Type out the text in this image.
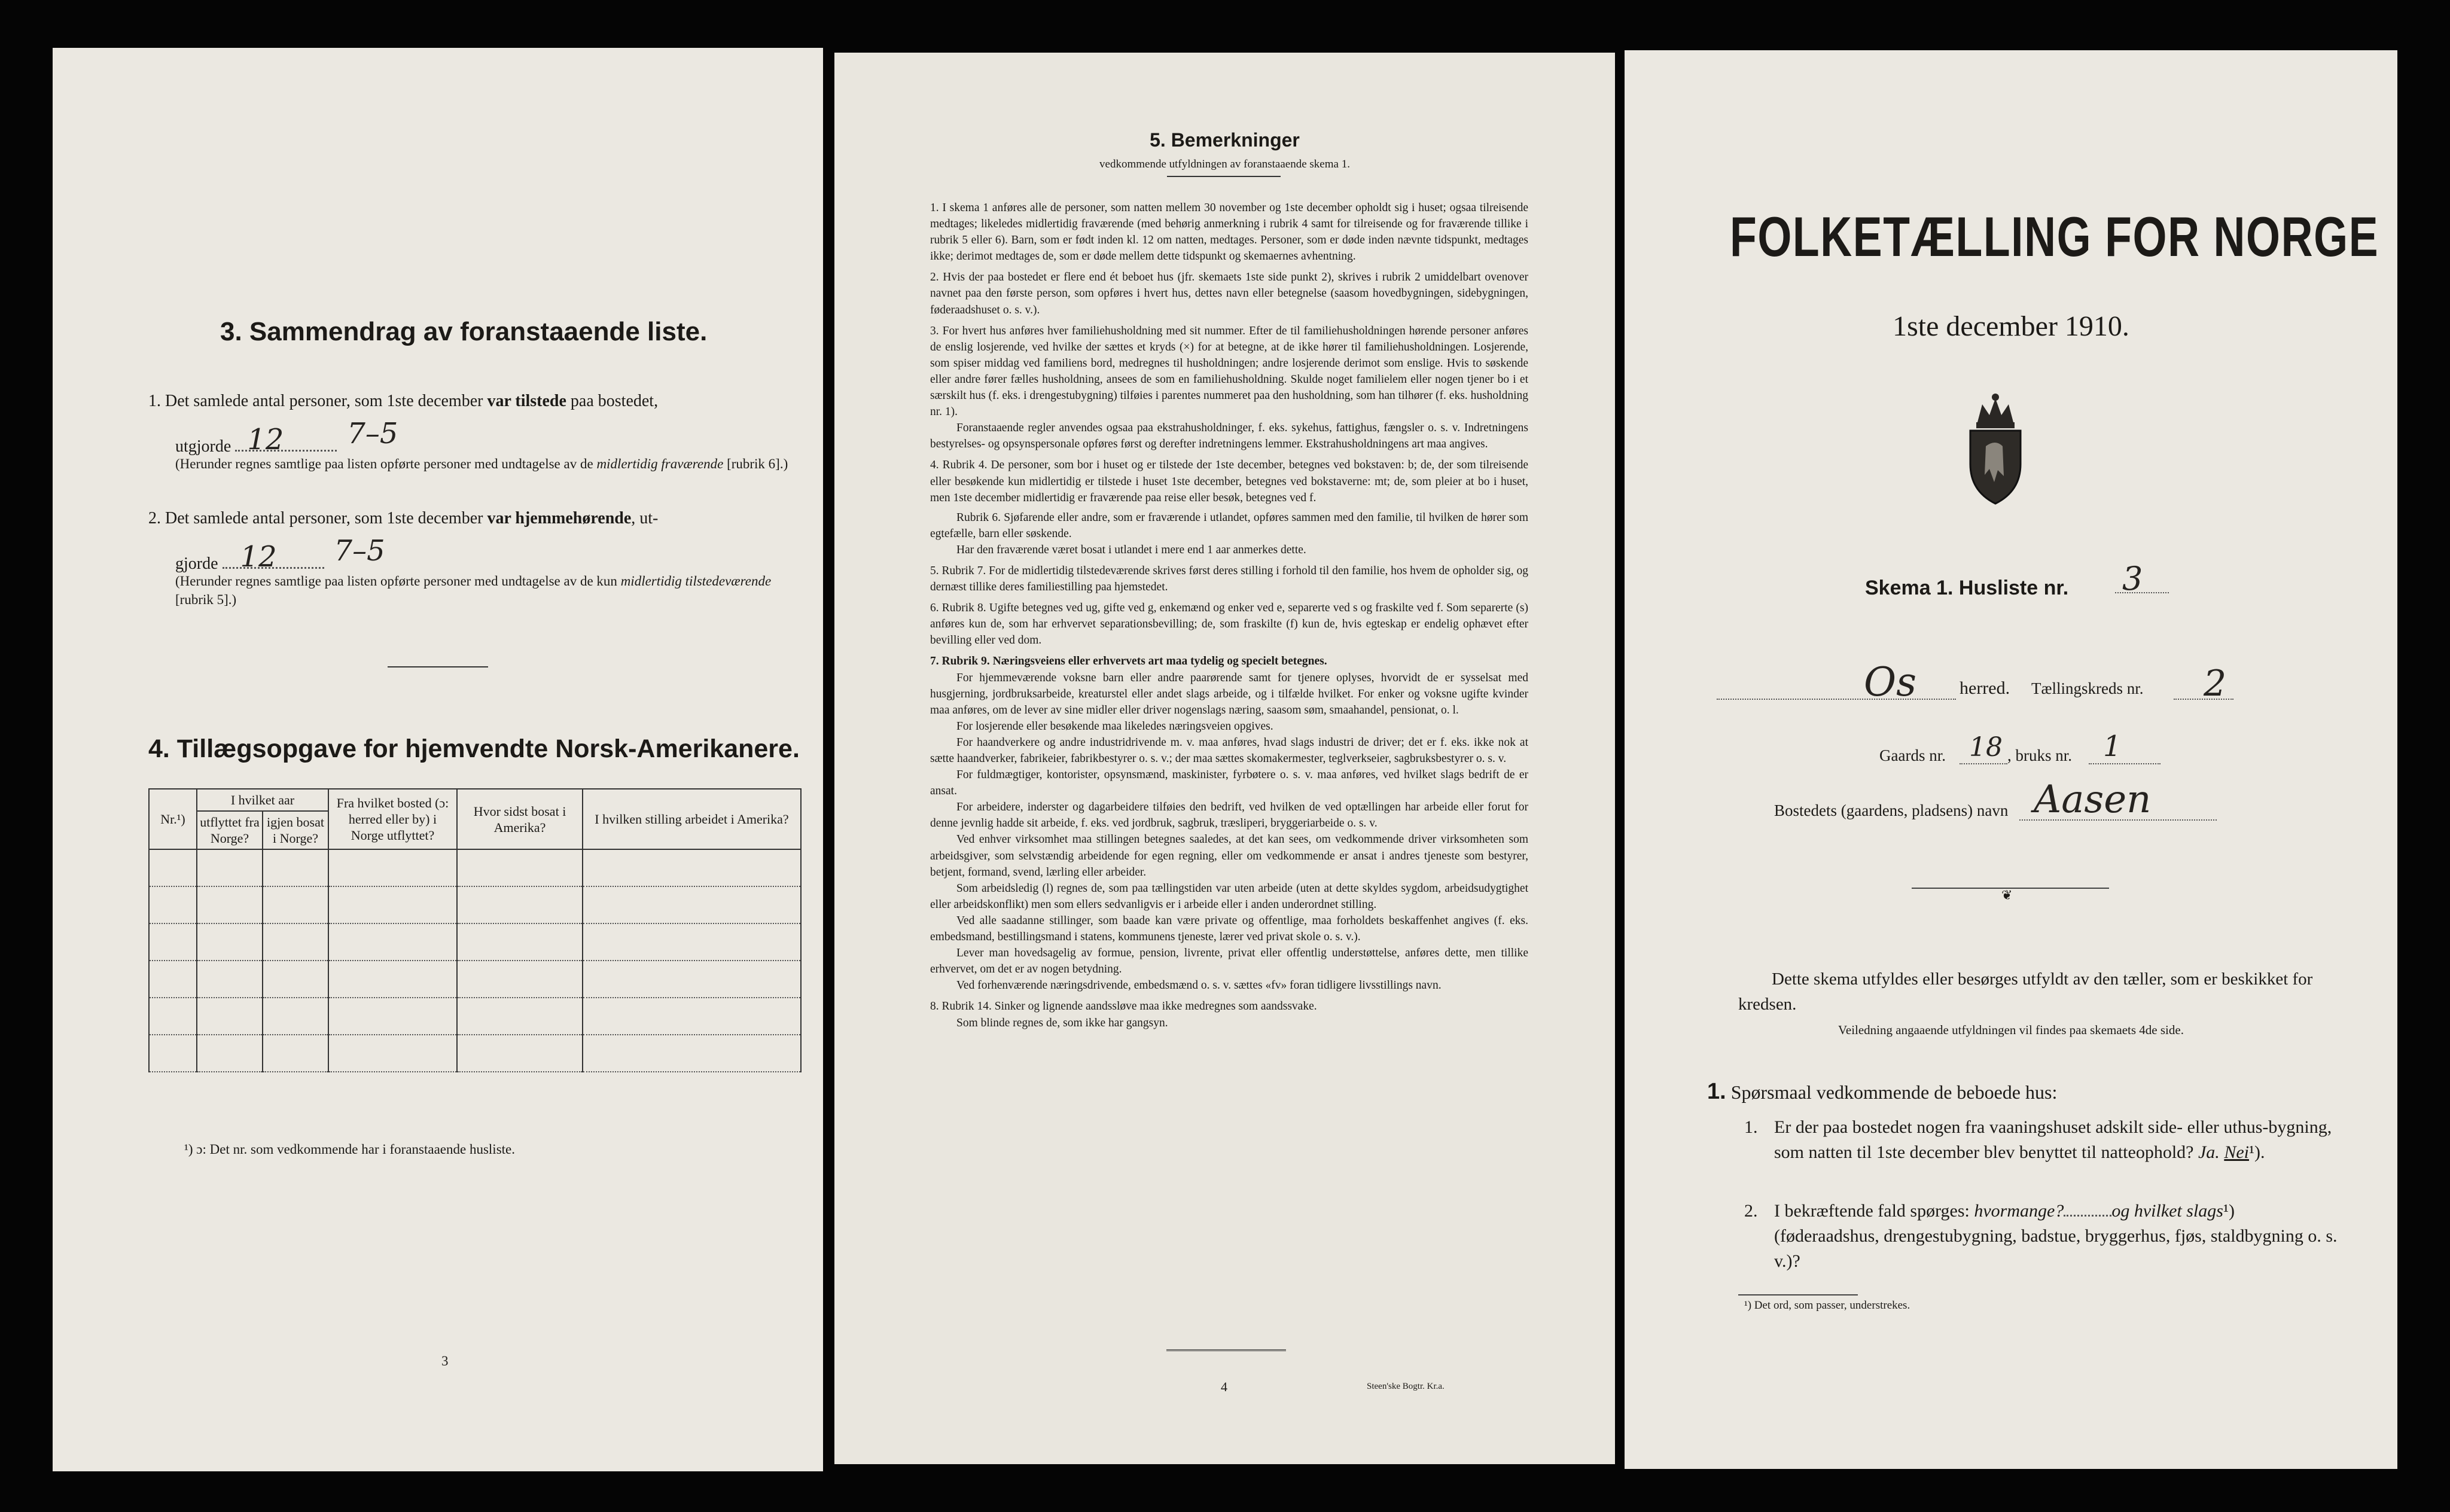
3. Sammendrag av foranstaaende liste.
1. Det samlede antal personer, som 1ste december var tilstede paa bostedet,
utgjorde 12 7–5
(Herunder regnes samtlige paa listen opførte personer med undtagelse av de midlertidig fraværende [rubrik 6].)
2. Det samlede antal personer, som 1ste december var hjemmehørende, ut-
gjorde 12 7–5
(Herunder regnes samtlige paa listen opførte personer med undtagelse av de kun midlertidig tilstedeværende [rubrik 5].)
4. Tillægsopgave for hjemvendte Norsk-Amerikanere.
Nr.¹)	I hvilket aar		Fra hvilket bosted (ɔ: herred eller by) i Norge utflyttet?	Hvor sidst bosat i Amerika?	I hvilken stilling arbeidet i Amerika?
	utflyttet fra Norge?	igjen bosat i Norge?			

¹) ɔ: Det nr. som vedkommende har i foranstaaende husliste.
3
5. Bemerkninger
vedkommende utfyldningen av foranstaaende skema 1.

1. I skema 1 anføres alle de personer, som natten mellem 30 november og 1ste december opholdt sig i huset; ogsaa tilreisende medtages; likeledes midlertidig fraværende (med behørig anmerkning i rubrik 4 samt for tilreisende og for fraværende tillike i rubrik 5 eller 6). Barn, som er født inden kl. 12 om natten, medtages. Personer, som er døde inden nævnte tidspunkt, medtages ikke; derimot medtages de, som er døde mellem dette tidspunkt og skemaernes avhentning.

2. Hvis der paa bostedet er flere end ét beboet hus (jfr. skemaets 1ste side punkt 2), skrives i rubrik 2 umiddelbart ovenover navnet paa den første person, som opføres i hvert hus, dettes navn eller betegnelse (saasom hovedbygningen, sidebygningen, føderaadshuset o. s. v.).

3. For hvert hus anføres hver familiehusholdning med sit nummer. Efter de til familiehusholdningen hørende personer anføres de enslig losjerende, ved hvilke der sættes et kryds (×) for at betegne, at de ikke hører til familiehusholdningen. Losjerende, som spiser middag ved familiens bord, medregnes til husholdningen; andre losjerende derimot som enslige. Hvis to søskende eller andre fører fælles husholdning, ansees de som en familiehusholdning. Skulde noget familielem eller nogen tjener bo i et særskilt hus (f. eks. i drengestubygning) tilføies i parentes nummeret paa den husholdning, som han tilhører (f. eks. husholdning nr. 1).

Foranstaaende regler anvendes ogsaa paa ekstrahusholdninger, f. eks. sykehus, fattighus, fængsler o. s. v. Indretningens bestyrelses- og opsynspersonale opføres først og derefter indretningens lemmer. Ekstrahusholdningens art maa angives.

4. Rubrik 4. De personer, som bor i huset og er tilstede der 1ste december, betegnes ved bokstaven: b; de, der som tilreisende eller besøkende kun midlertidig er tilstede i huset 1ste december, betegnes ved bokstaverne: mt; de, som pleier at bo i huset, men 1ste december midlertidig er fraværende paa reise eller besøk, betegnes ved f.

Rubrik 6. Sjøfarende eller andre, som er fraværende i utlandet, opføres sammen med den familie, til hvilken de hører som egtefælle, barn eller søskende.

Har den fraværende været bosat i utlandet i mere end 1 aar anmerkes dette.

5. Rubrik 7. For de midlertidig tilstedeværende skrives først deres stilling i forhold til den familie, hos hvem de opholder sig, og dernæst tillike deres familiestilling paa hjemstedet.

6. Rubrik 8. Ugifte betegnes ved ug, gifte ved g, enkemænd og enker ved e, separerte ved s og fraskilte ved f. Som separerte (s) anføres kun de, som har erhvervet separationsbevilling; de, som fraskilte (f) kun de, hvis egteskap er endelig ophævet efter bevilling eller ved dom.

7. Rubrik 9. Næringsveiens eller erhvervets art maa tydelig og specielt betegnes.

For hjemmeværende voksne barn eller andre paarørende samt for tjenere oplyses, hvorvidt de er sysselsat med husgjerning, jordbruksarbeide, kreaturstel eller andet slags arbeide, og i tilfælde hvilket. For enker og voksne ugifte kvinder maa anføres, om de lever av sine midler eller driver nogenslags næring, saasom søm, smaahandel, pensionat, o. l.

For losjerende eller besøkende maa likeledes næringsveien opgives.

For haandverkere og andre industridrivende m. v. maa anføres, hvad slags industri de driver; det er f. eks. ikke nok at sætte haandverker, fabrikeier, fabrikbestyrer o. s. v.; der maa sættes skomakermester, teglverkseier, sagbruksbestyrer o. s. v.

For fuldmægtiger, kontorister, opsynsmænd, maskinister, fyrbøtere o. s. v. maa anføres, ved hvilket slags bedrift de er ansat.

For arbeidere, inderster og dagarbeidere tilføies den bedrift, ved hvilken de ved optællingen har arbeide eller forut for denne jevnlig hadde sit arbeide, f. eks. ved jordbruk, sagbruk, træsliperi, bryggeriarbeide o. s. v.

Ved enhver virksomhet maa stillingen betegnes saaledes, at det kan sees, om vedkommende driver virksomheten som arbeidsgiver, som selvstændig arbeidende for egen regning, eller om vedkommende er ansat i andres tjeneste som bestyrer, betjent, formand, svend, lærling eller arbeider.

Som arbeidsledig (l) regnes de, som paa tællingstiden var uten arbeide (uten at dette skyldes sygdom, arbeidsudygtighet eller arbeidskonflikt) men som ellers sedvanligvis er i arbeide eller i anden underordnet stilling.

Ved alle saadanne stillinger, som baade kan være private og offentlige, maa forholdets beskaffenhet angives (f. eks. embedsmand, bestillingsmand i statens, kommunens tjeneste, lærer ved privat skole o. s. v.).

Lever man hovedsagelig av formue, pension, livrente, privat eller offentlig understøttelse, anføres dette, men tillike erhvervet, om det er av nogen betydning.

Ved forhenværende næringsdrivende, embedsmænd o. s. v. sættes «fv» foran tidligere livsstillings navn.

8. Rubrik 14. Sinker og lignende aandssløve maa ikke medregnes som aandssvake.

Som blinde regnes de, som ikke har gangsyn.

4	Steen'ske Bogtr. Kr.a.
FOLKETÆLLING FOR NORGE
1ste december 1910.
Skema 1. Husliste nr. 3
Os herred. Tællingskreds nr. 2
Gaards nr. 18 , bruks nr. 1
Bostedets (gaardens, pladsens) navn Aasen
❦
Dette skema utfyldes eller besørges utfyldt av den tæller, som er beskikket for kredsen.
Veiledning angaaende utfyldningen vil findes paa skemaets 4de side.
1. Spørsmaal vedkommende de beboede hus:
1. Er der paa bostedet nogen fra vaaningshuset adskilt side- eller uthus-bygning, som natten til 1ste december blev benyttet til natteophold? Ja. Nei¹).
2. I bekræftende fald spørges: hvormange?	og hvilket slags¹) (føderaadshus, drengestubygning, badstue, bryggerhus, fjøs, staldbygning o. s. v.)?
¹) Det ord, som passer, understrekes.
